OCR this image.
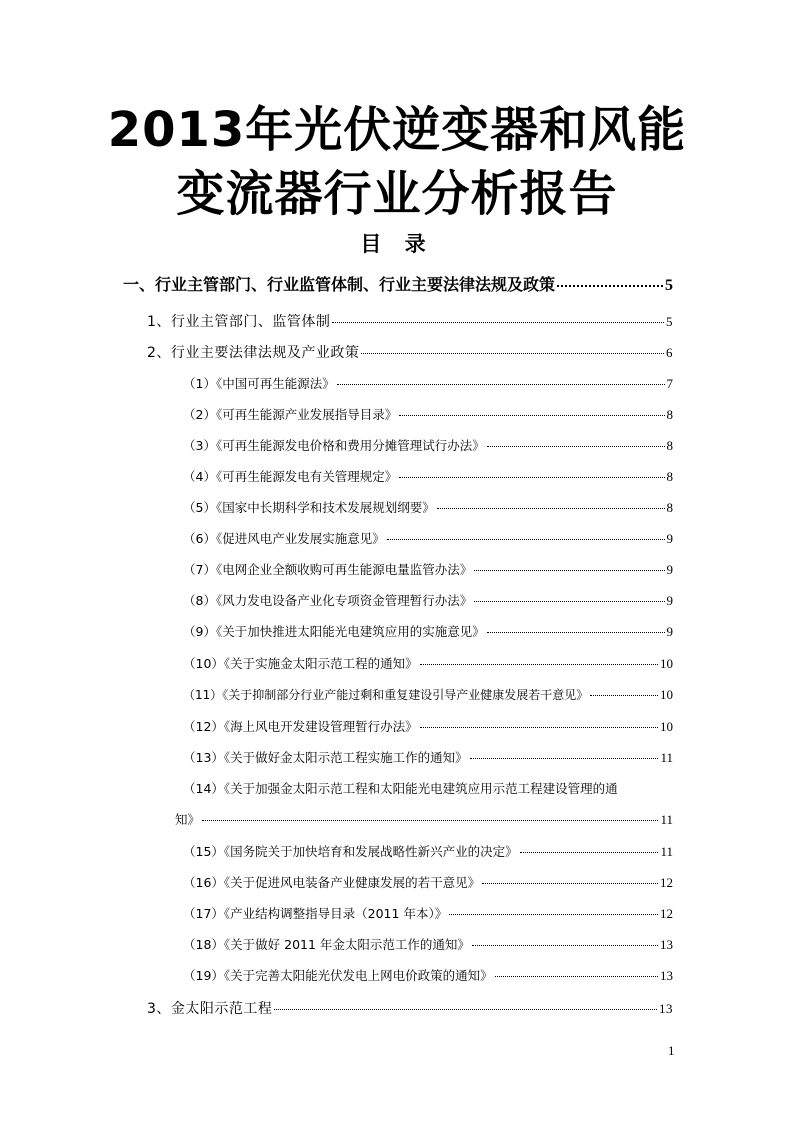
2013年光伏逆变器和风能
变流器行业分析报告
目 录
一、行业主管部门、行业监管体制、行业主要法律法规及政策	5
1、行业主管部门、监管体制	5
2、行业主要法律法规及产业政策	6
（1）《中国可再生能源法》	7
（2）《可再生能源产业发展指导目录》	8
（3）《可再生能源发电价格和费用分摊管理试行办法》	8
（4）《可再生能源发电有关管理规定》	8
（5）《国家中长期科学和技术发展规划纲要》	8
（6）《促进风电产业发展实施意见》	9
（7）《电网企业全额收购可再生能源电量监管办法》	9
（8）《风力发电设备产业化专项资金管理暂行办法》	9
（9）《关于加快推进太阳能光电建筑应用的实施意见》	9
（10）《关于实施金太阳示范工程的通知》	10
（11）《关于抑制部分行业产能过剩和重复建设引导产业健康发展若干意见》	10
（12）《海上风电开发建设管理暂行办法》	10
（13）《关于做好金太阳示范工程实施工作的通知》	11
（14）《关于加强金太阳示范工程和太阳能光电建筑应用示范工程建设管理的通
知》	11
（15）《国务院关于加快培育和发展战略性新兴产业的决定》	11
（16）《关于促进风电装备产业健康发展的若干意见》	12
（17）《产业结构调整指导目录（2011 年本）》	12
（18）《关于做好 2011 年金太阳示范工作的通知》	13
（19）《关于完善太阳能光伏发电上网电价政策的通知》	13
3、金太阳示范工程	13
1
